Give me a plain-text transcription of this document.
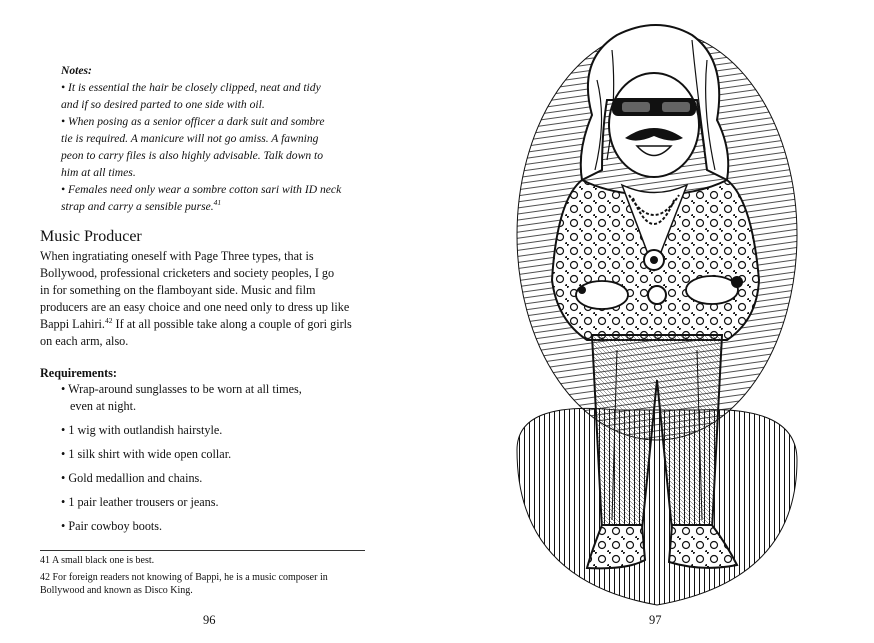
Notes:
• It is essential the hair be closely clipped, neat and tidy
and if so desired parted to one side with oil.
• When posing as a senior officer a dark suit and sombre
tie is required. A manicure will not go amiss. A fawning
peon to carry files is also highly advisable. Talk down to
him at all times.
• Females need only wear a sombre cotton sari with ID neck
strap and carry a sensible purse.$^{41}$
Music Producer
When ingratiating oneself with Page Three types, that is
Bollywood, professional cricketers and society peoples, I go
in for something on the flamboyant side. Music and film
producers are an easy choice and one need only to dress up like
Bappi Lahiri.$^{42}$ If at all possible take along a couple of gori girls
on each arm, also.
Requirements:
• Wrap-around sunglasses to be worn at all times,
even at night.
• 1 wig with outlandish hairstyle.
• 1 silk shirt with wide open collar.
• Gold medallion and chains.
• 1 pair leather trousers or jeans.
• Pair cowboy boots.
41 A small black one is best.
42 For foreign readers not knowing of Bappi, he is a music composer in
Bollywood and known as Disco King.
96	97
